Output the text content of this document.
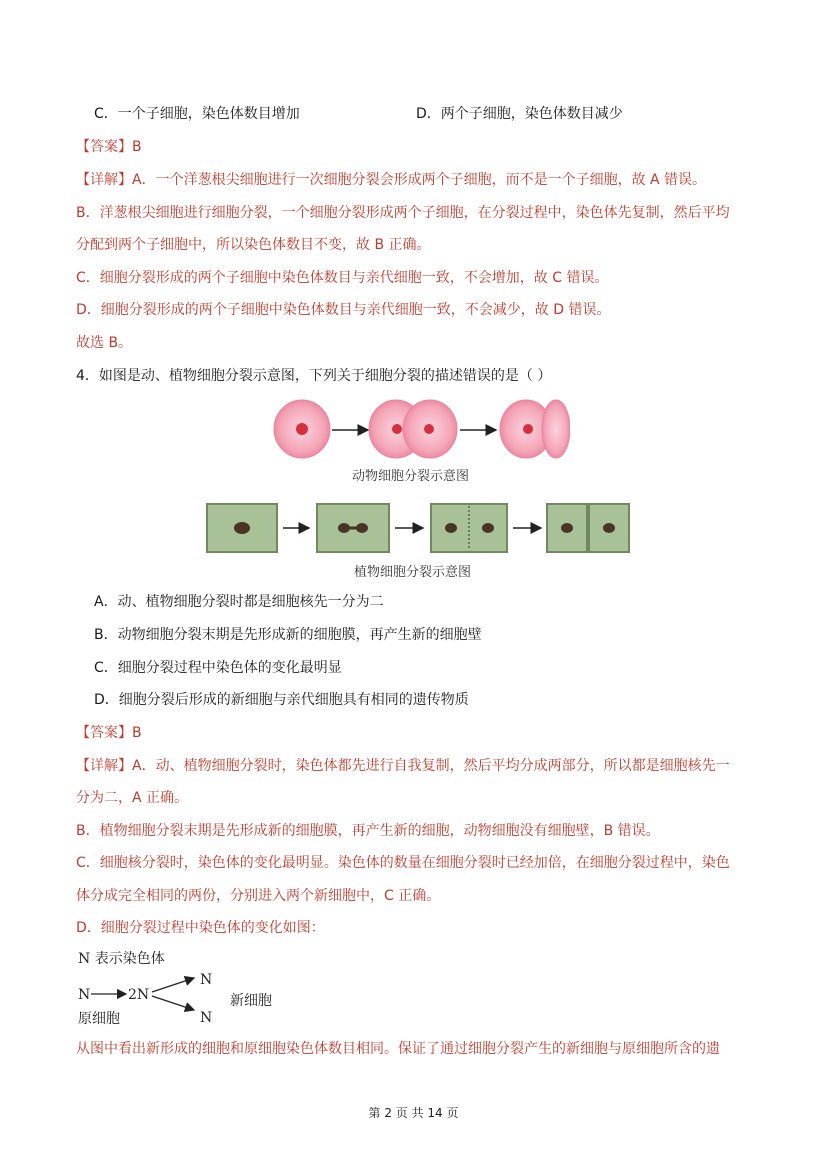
C．一个子细胞，染色体数目增加	D．两个子细胞，染色体数目减少
【答案】B
【详解】A．一个洋葱根尖细胞进行一次细胞分裂会形成两个子细胞，而不是一个子细胞，故 A 错误。
B．洋葱根尖细胞进行细胞分裂，一个细胞分裂形成两个子细胞，在分裂过程中，染色体先复制，然后平均
分配到两个子细胞中，所以染色体数目不变，故 B 正确。
C．细胞分裂形成的两个子细胞中染色体数目与亲代细胞一致，不会增加，故 C 错误。
D．细胞分裂形成的两个子细胞中染色体数目与亲代细胞一致，不会减少，故 D 错误。
故选 B。
4．如图是动、植物细胞分裂示意图，下列关于细胞分裂的描述错误的是（ ）
动物细胞分裂示意图
植物细胞分裂示意图
A．动、植物细胞分裂时都是细胞核先一分为二
B．动物细胞分裂末期是先形成新的细胞膜，再产生新的细胞壁
C．细胞分裂过程中染色体的变化最明显
D．细胞分裂后形成的新细胞与亲代细胞具有相同的遗传物质
【答案】B
【详解】A．动、植物细胞分裂时，染色体都先进行自我复制，然后平均分成两部分，所以都是细胞核先一
分为二，A 正确。
B．植物细胞分裂末期是先形成新的细胞膜，再产生新的细胞，动物细胞没有细胞壁，B 错误。
C．细胞核分裂时，染色体的变化最明显。染色体的数量在细胞分裂时已经加倍，在细胞分裂过程中，染色
体分成完全相同的两份，分别进入两个新细胞中，C 正确。
D．细胞分裂过程中染色体的变化如图：
N 表示染色体
N	2N
N
N
原细胞
新细胞
从图中看出新形成的细胞和原细胞染色体数目相同。保证了通过细胞分裂产生的新细胞与原细胞所含的遗
第 2 页 共 14 页
